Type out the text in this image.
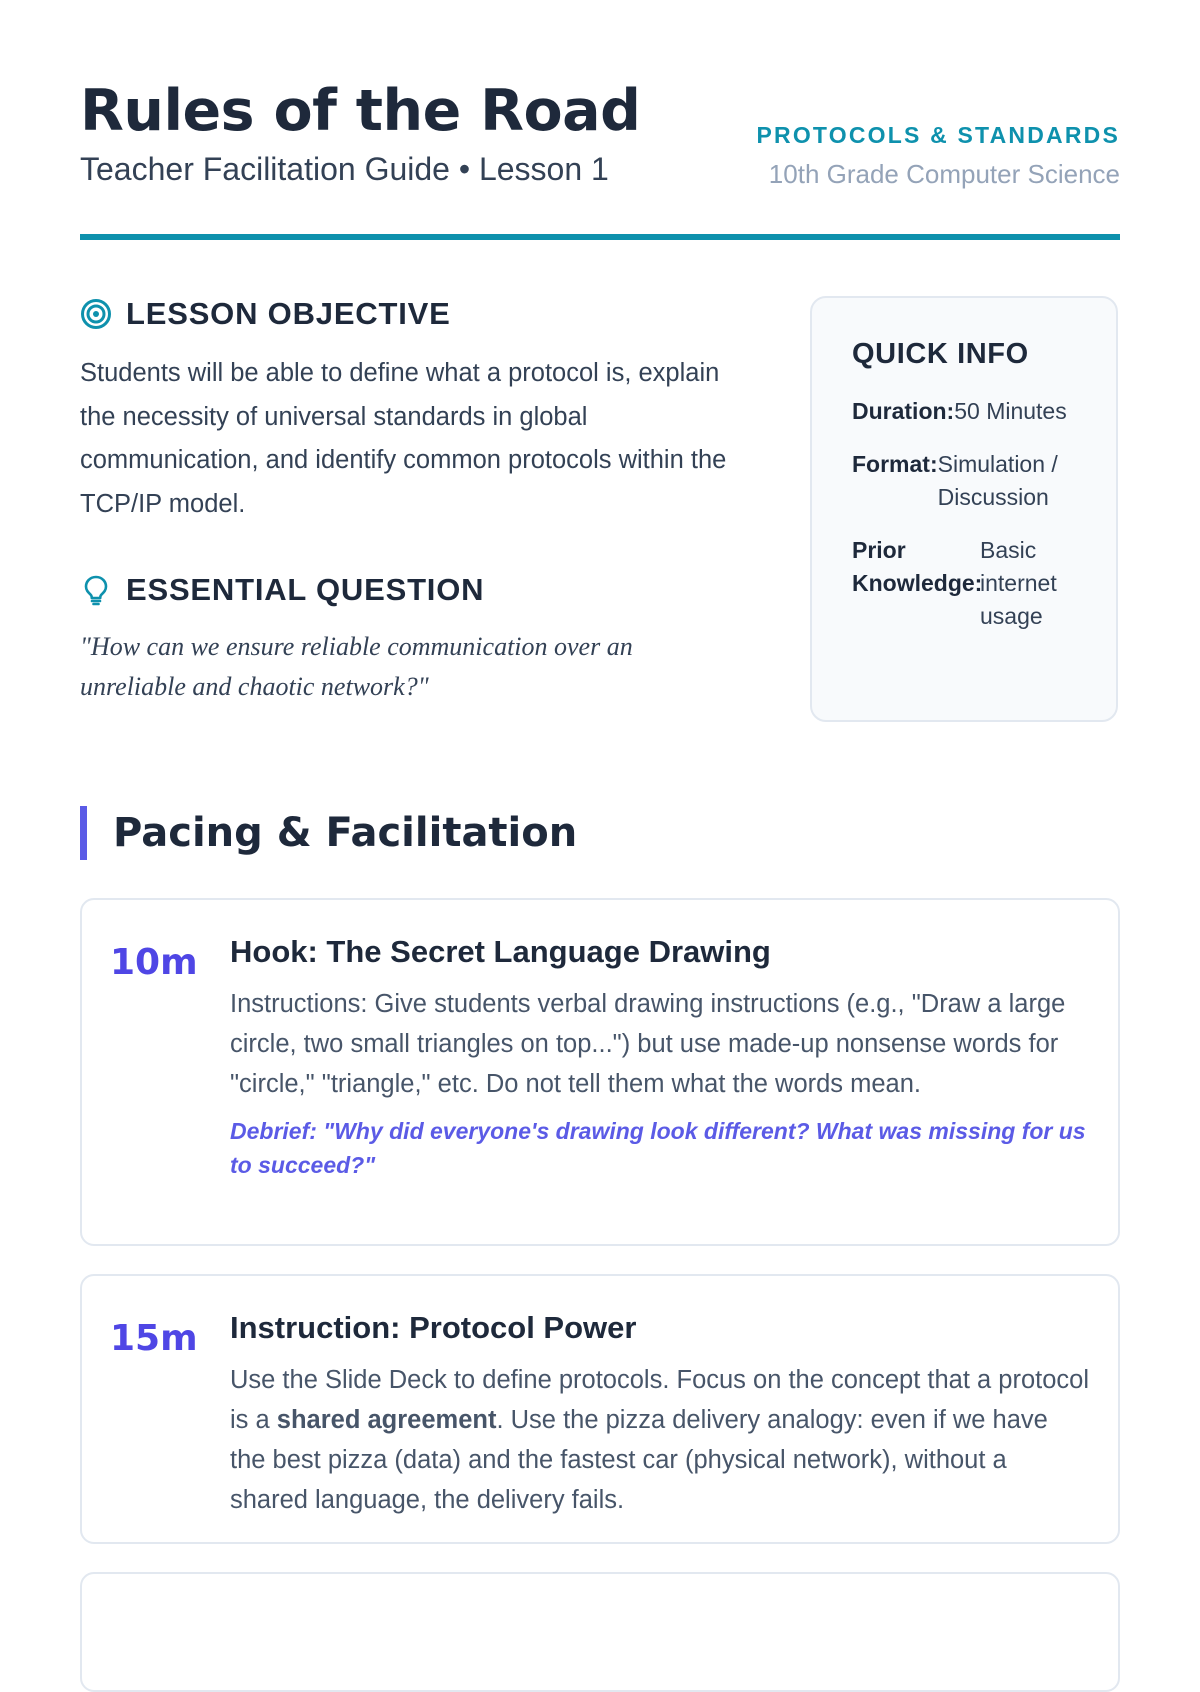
Rules of the Road
Teacher Facilitation Guide • Lesson 1
PROTOCOLS & STANDARDS
10th Grade Computer Science
LESSON OBJECTIVE
Students will be able to define what a protocol is, explain the necessity of universal standards in global communication, and identify common protocols within the TCP/IP model.
ESSENTIAL QUESTION
"How can we ensure reliable communication over an unreliable and chaotic network?"
QUICK INFO
Duration: 50 Minutes
Format: Simulation / Discussion
Prior Knowledge:
Basic internet usage
Pacing & Facilitation
10m Hook: The Secret Language Drawing
Instructions: Give students verbal drawing instructions (e.g., "Draw a large circle, two small triangles on top...") but use made-up nonsense words for "circle," "triangle," etc. Do not tell them what the words mean.
Debrief: "Why did everyone's drawing look different? What was missing for us to succeed?"
15m Instruction: Protocol Power
Use the Slide Deck to define protocols. Focus on the concept that a protocol is a shared agreement. Use the pizza delivery analogy: even if we have the best pizza (data) and the fastest car (physical network), without a shared language, the delivery fails.
